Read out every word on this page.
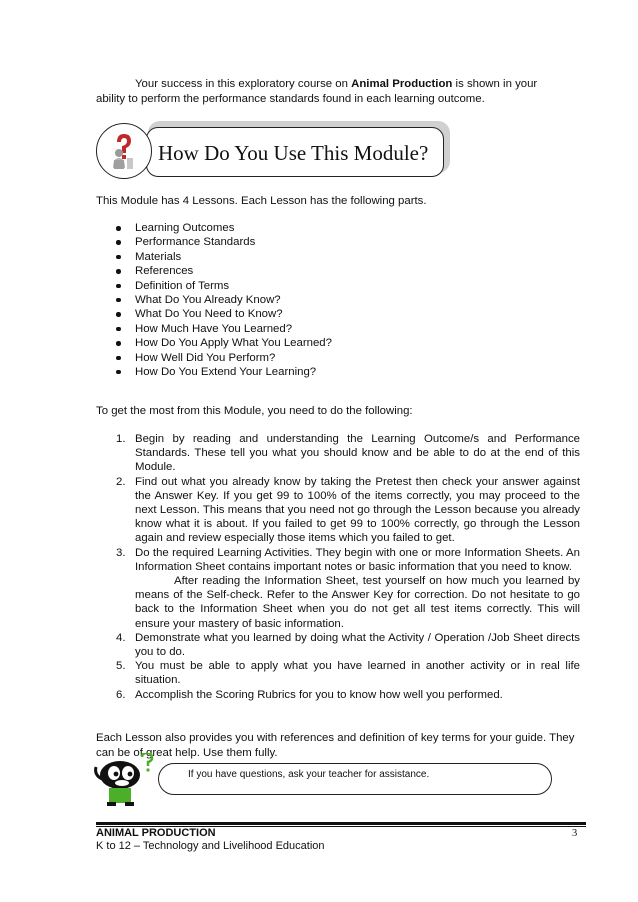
Your success in this exploratory course on Animal Production is shown in your ability to perform the performance standards found in each learning outcome.
How Do You Use This Module?
This Module has 4 Lessons. Each Lesson has the following parts.
Learning Outcomes
Performance Standards
Materials
References
Definition of Terms
What Do You Already Know?
What Do You Need to Know?
How Much Have You Learned?
How Do You Apply What You Learned?
How Well Did You Perform?
How Do You Extend Your Learning?
To get the most from this Module, you need to do the following:
1. Begin by reading and understanding the Learning Outcome/s and Performance Standards. These tell you what you should know and be able to do at the end of this Module.
2. Find out what you already know by taking the Pretest then check your answer against the Answer Key. If you get 99 to 100% of the items correctly, you may proceed to the next Lesson. This means that you need not go through the Lesson because you already know what it is about. If you failed to get 99 to 100% correctly, go through the Lesson again and review especially those items which you failed to get.
3. Do the required Learning Activities. They begin with one or more Information Sheets. An Information Sheet contains important notes or basic information that you need to know.
After reading the Information Sheet, test yourself on how much you learned by means of the Self-check. Refer to the Answer Key for correction. Do not hesitate to go back to the Information Sheet when you do not get all test items correctly. This will ensure your mastery of basic information.
4. Demonstrate what you learned by doing what the Activity / Operation /Job Sheet directs you to do.
5. You must be able to apply what you have learned in another activity or in real life situation.
6. Accomplish the Scoring Rubrics for you to know how well you performed.
Each Lesson also provides you with references and definition of key terms for your guide. They can be of great help. Use them fully.
If you have questions, ask your teacher for assistance.
ANIMAL PRODUCTION	3
K to 12 – Technology and Livelihood Education
